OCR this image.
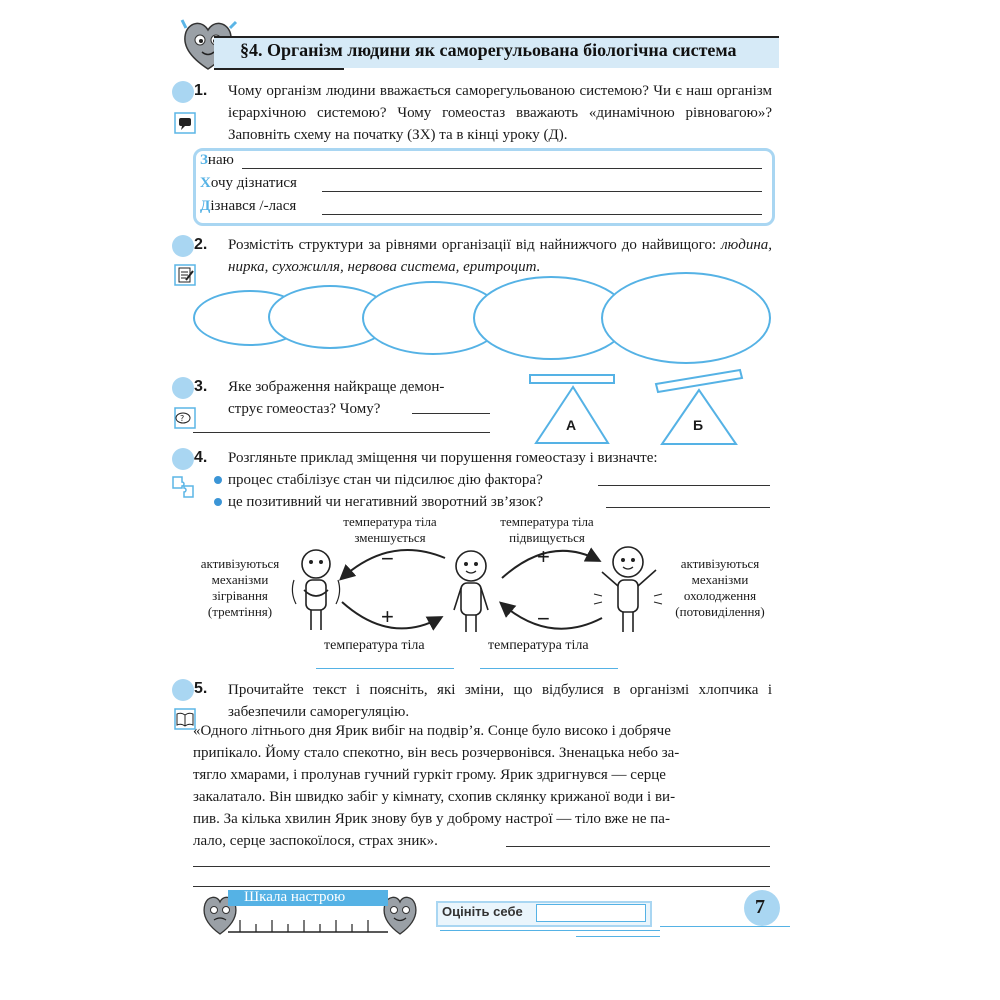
§4. Організм людини як саморегульована біологічна система
1. Чому організм людини вважається саморегульованою системою? Чи є наш організм ієрархічною системою? Чому гомеостаз вважають «динамічною рівновагою»? Заповніть схему на початку (ЗХ) та в кінці уроку (Д).
Знаю
Хочу дізнатися
Дізнався /-лася
2. Розмістіть структури за рівнями організації від найнижчого до найвищого: людина, нирка, сухожилля, нервова система, еритроцит.
3.
?
Яке зображення найкраще демон-
струє гомеостаз? Чому?
А	Б
4. Розгляньте приклад зміщення чи порушення гомеостазу і визначте:
процес стабілізує стан чи підсилює дію фактора?
це позитивний чи негативний зворотний зв’язок?
температура тіла зменшується
температура тіла підвищується
активізуються механізми зігрівання (тремтіння)
активізуються механізми охолодження (потовиділення)
−	+
+	−
температура тіла	температура тіла
5. Прочитайте текст і поясніть, які зміни, що відбулися в організмі хлопчика і забезпечили саморегуляцію.
«Одного літнього дня Ярик вибіг на подвір’я. Сонце було високо і добряче
припікало. Йому стало спекотно, він весь розчервонівся. Зненацька небо за-
тягло хмарами, і пролунав гучний гуркіт грому. Ярик здригнувся — серце
закалатало. Він швидко забіг у кімнату, схопив склянку крижаної води і ви-
пив. За кілька хвилин Ярик знову був у доброму настрої — тіло вже не па-
лало, серце заспокоїлося, страх зник».
Шкала настрою
Оцініть себе	7
